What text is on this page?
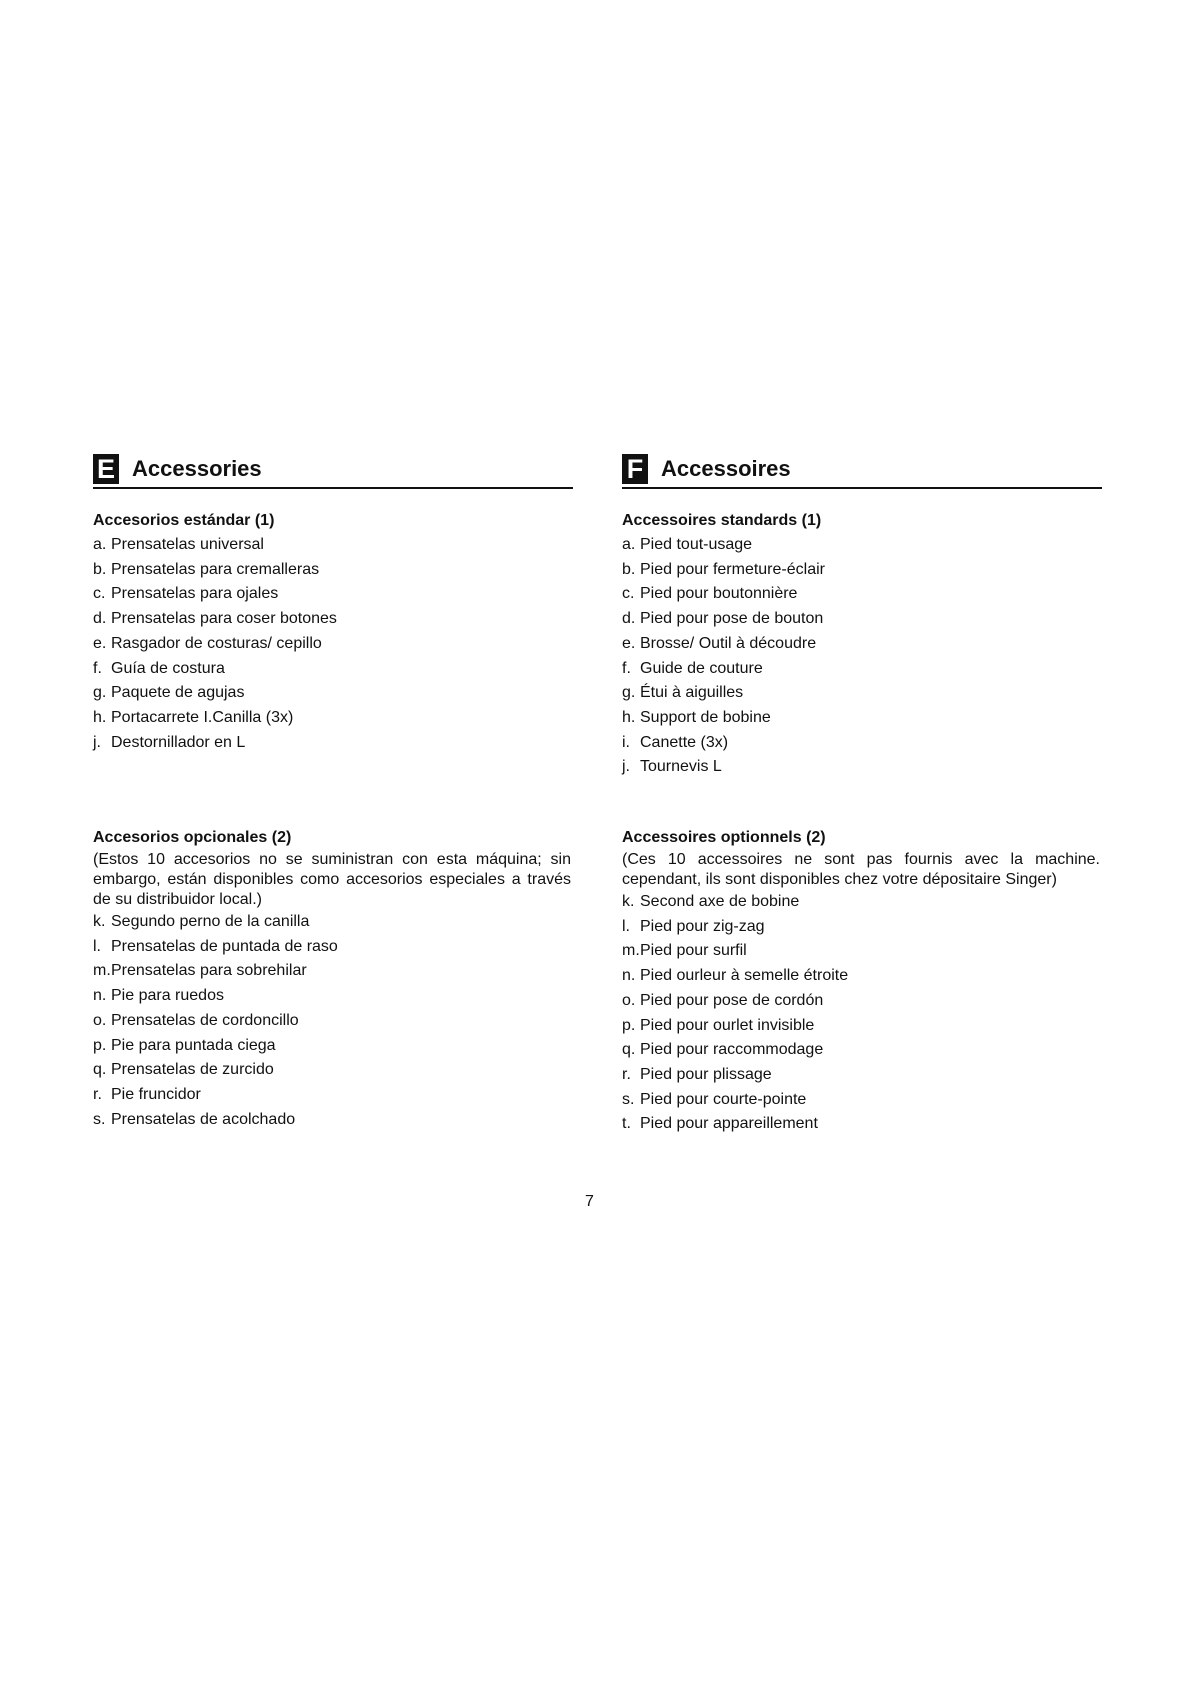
E Accessories

Accesorios estándar (1)

a. Prensatelas universal
b. Prensatelas para cremalleras
c. Prensatelas para ojales
d. Prensatelas para coser botones
e. Rasgador de costuras/ cepillo
f. Guía de costura
g. Paquete de agujas
h. Portacarrete I.Canilla (3x)
j. Destornillador en L

Accesorios opcionales (2)

(Estos 10 accesorios no se suministran con esta máquina; sin embargo, están disponibles como accesorios especiales a través de su distribuidor local.)

k. Segundo perno de la canilla
l. Prensatelas de puntada de raso
m. Prensatelas para sobrehilar
n. Pie para ruedos
o. Prensatelas de cordoncillo
p. Pie para puntada ciega
q. Prensatelas de zurcido
r. Pie fruncidor
s. Prensatelas de acolchado
F Accessoires

Accessoires standards (1)

a. Pied tout-usage
b. Pied pour fermeture-éclair
c. Pied pour boutonnière
d. Pied pour pose de bouton
e. Brosse/ Outil à découdre
f. Guide de couture
g. Étui à aiguilles
h. Support de bobine
i. Canette (3x)
j. Tournevis L

Accessoires optionnels (2)

(Ces 10 accessoires ne sont pas fournis avec la machine. cependant, ils sont disponibles chez votre dépositaire Singer)

k. Second axe de bobine
l. Pied pour zig-zag
m. Pied pour surfil
n. Pied ourleur à semelle étroite
o. Pied pour pose de cordón
p. Pied pour ourlet invisible
q. Pied pour raccommodage
r. Pied pour plissage
s. Pied pour courte-pointe
t. Pied pour appareillement
7
